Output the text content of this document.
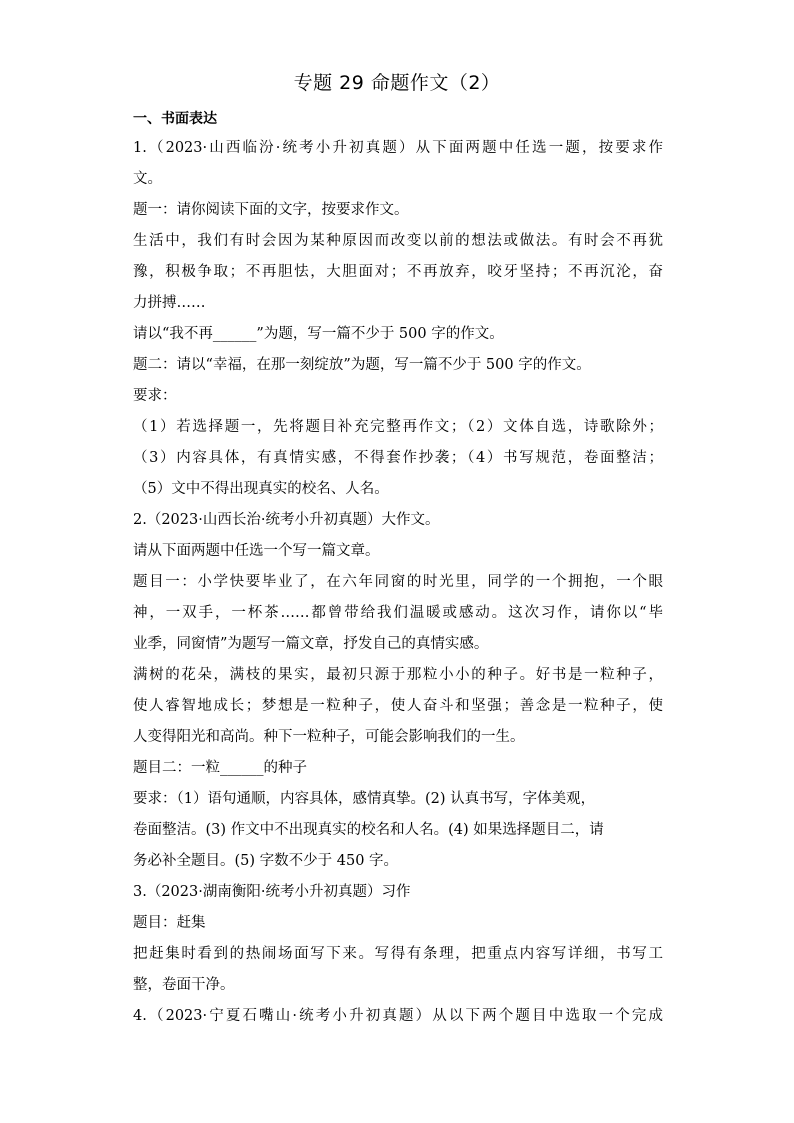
专题 29 命题作文（2）
一、书面表达
1.（2023·山西临汾·统考小升初真题）从下面两题中任选一题，按要求作
文。
题一：请你阅读下面的文字，按要求作文。
生活中，我们有时会因为某种原因而改变以前的想法或做法。有时会不再犹
豫，积极争取；不再胆怯，大胆面对；不再放弃，咬牙坚持；不再沉沦，奋
力拼搏……
请以“我不再______”为题，写一篇不少于 500 字的作文。
题二：请以“幸福，在那一刻绽放”为题，写一篇不少于 500 字的作文。
要求：
（1）若选择题一，先将题目补充完整再作文；（2）文体自选，诗歌除外；
（3）内容具体，有真情实感，不得套作抄袭；（4）书写规范，卷面整洁；
（5）文中不得出现真实的校名、人名。
2.（2023·山西长治·统考小升初真题）大作文。
请从下面两题中任选一个写一篇文章。
题目一：小学快要毕业了，在六年同窗的时光里，同学的一个拥抱，一个眼
神，一双手，一杯茶……都曾带给我们温暖或感动。这次习作，请你以“毕
业季，同窗情”为题写一篇文章，抒发自己的真情实感。
满树的花朵，满枝的果实，最初只源于那粒小小的种子。好书是一粒种子，
使人睿智地成长；梦想是一粒种子，使人奋斗和坚强；善念是一粒种子，使
人变得阳光和高尚。种下一粒种子，可能会影响我们的一生。
题目二：一粒______的种子
要求：（1）语句通顺，内容具体，感情真挚。(2) 认真书写，字体美观，
卷面整洁。(3) 作文中不出现真实的校名和人名。(4) 如果选择题目二，请
务必补全题目。(5) 字数不少于 450 字。
3.（2023·湖南衡阳·统考小升初真题）习作
题目：赶集
把赶集时看到的热闹场面写下来。写得有条理，把重点内容写详细，书写工
整，卷面干净。
4.（2023·宁夏石嘴山·统考小升初真题）从以下两个题目中选取一个完成
